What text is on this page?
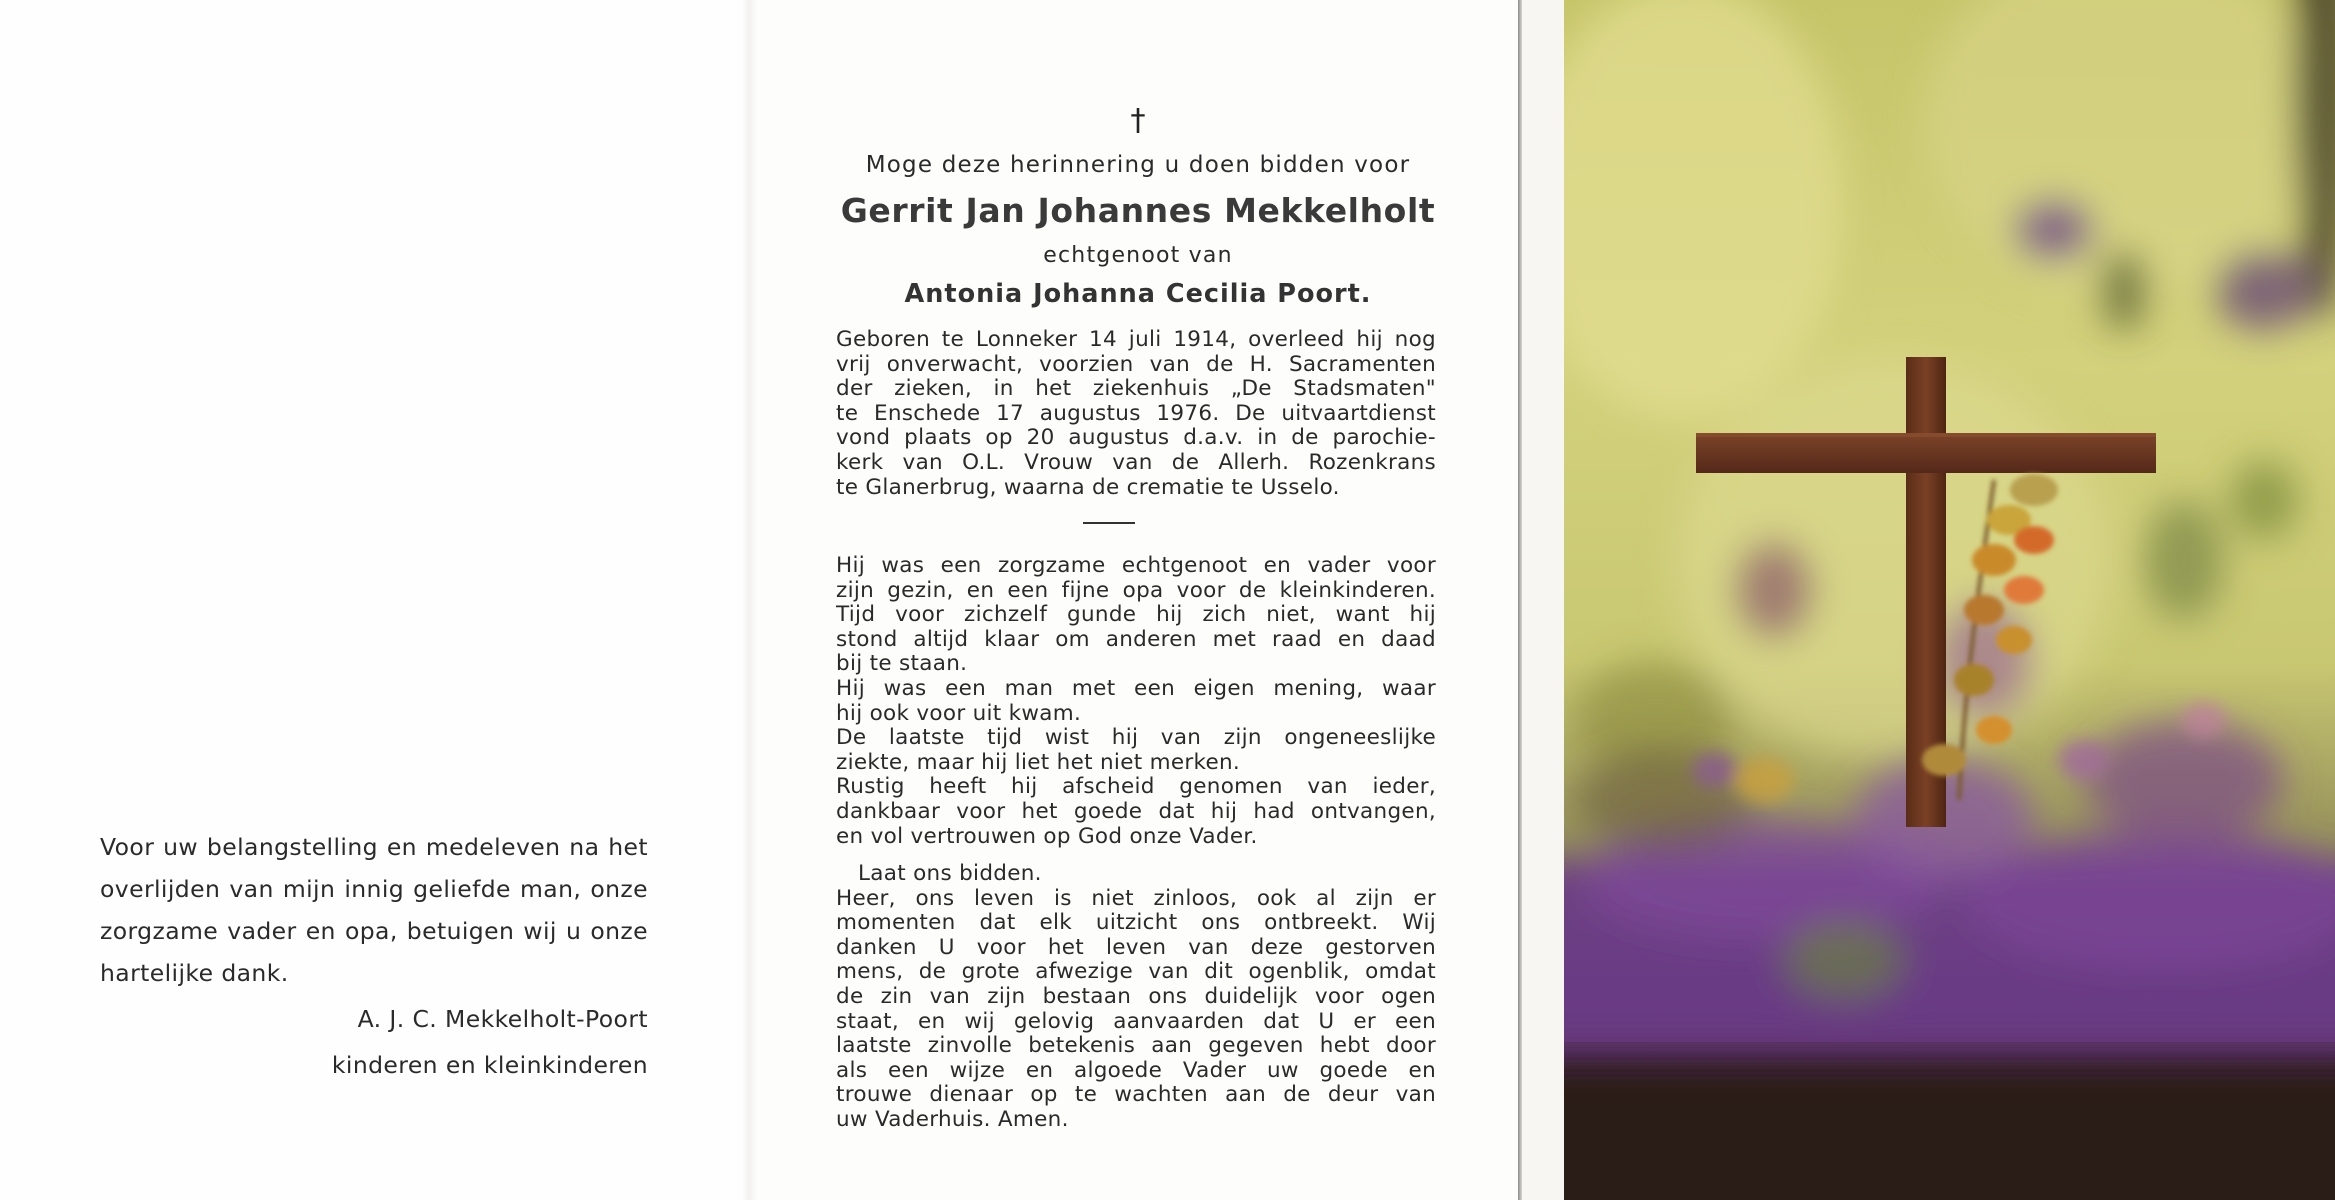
Voor uw belangstelling en medeleven na het
overlijden van mijn innig geliefde man, onze
zorgzame vader en opa, betuigen wij u onze
hartelijke dank.

A. J. C. Mekkelholt-Poort
kinderen en kleinkinderen
†
Moge deze herinnering u doen bidden voor
Gerrit Jan Johannes Mekkelholt
echtgenoot van
Antonia Johanna Cecilia Poort.

Geboren te Lonneker 14 juli 1914, overleed hij nog
vrij onverwacht, voorzien van de H. Sacramenten
der zieken, in het ziekenhuis „De Stadsmaten"
te Enschede 17 augustus 1976. De uitvaartdienst
vond plaats op 20 augustus d.a.v. in de parochie-
kerk van O.L. Vrouw van de Allerh. Rozenkrans
te Glanerbrug, waarna de crematie te Usselo.

Hij was een zorgzame echtgenoot en vader voor
zijn gezin, en een fijne opa voor de kleinkinderen.
Tijd voor zichzelf gunde hij zich niet, want hij
stond altijd klaar om anderen met raad en daad
bij te staan.
Hij was een man met een eigen mening, waar
hij ook voor uit kwam.
De laatste tijd wist hij van zijn ongeneeslijke
ziekte, maar hij liet het niet merken.
Rustig heeft hij afscheid genomen van ieder,
dankbaar voor het goede dat hij had ontvangen,
en vol vertrouwen op God onze Vader.

Laat ons bidden.
Heer, ons leven is niet zinloos, ook al zijn er
momenten dat elk uitzicht ons ontbreekt. Wij
danken U voor het leven van deze gestorven
mens, de grote afwezige van dit ogenblik, omdat
de zin van zijn bestaan ons duidelijk voor ogen
staat, en wij gelovig aanvaarden dat U er een
laatste zinvolle betekenis aan gegeven hebt door
als een wijze en algoede Vader uw goede en
trouwe dienaar op te wachten aan de deur van
uw Vaderhuis. Amen.
